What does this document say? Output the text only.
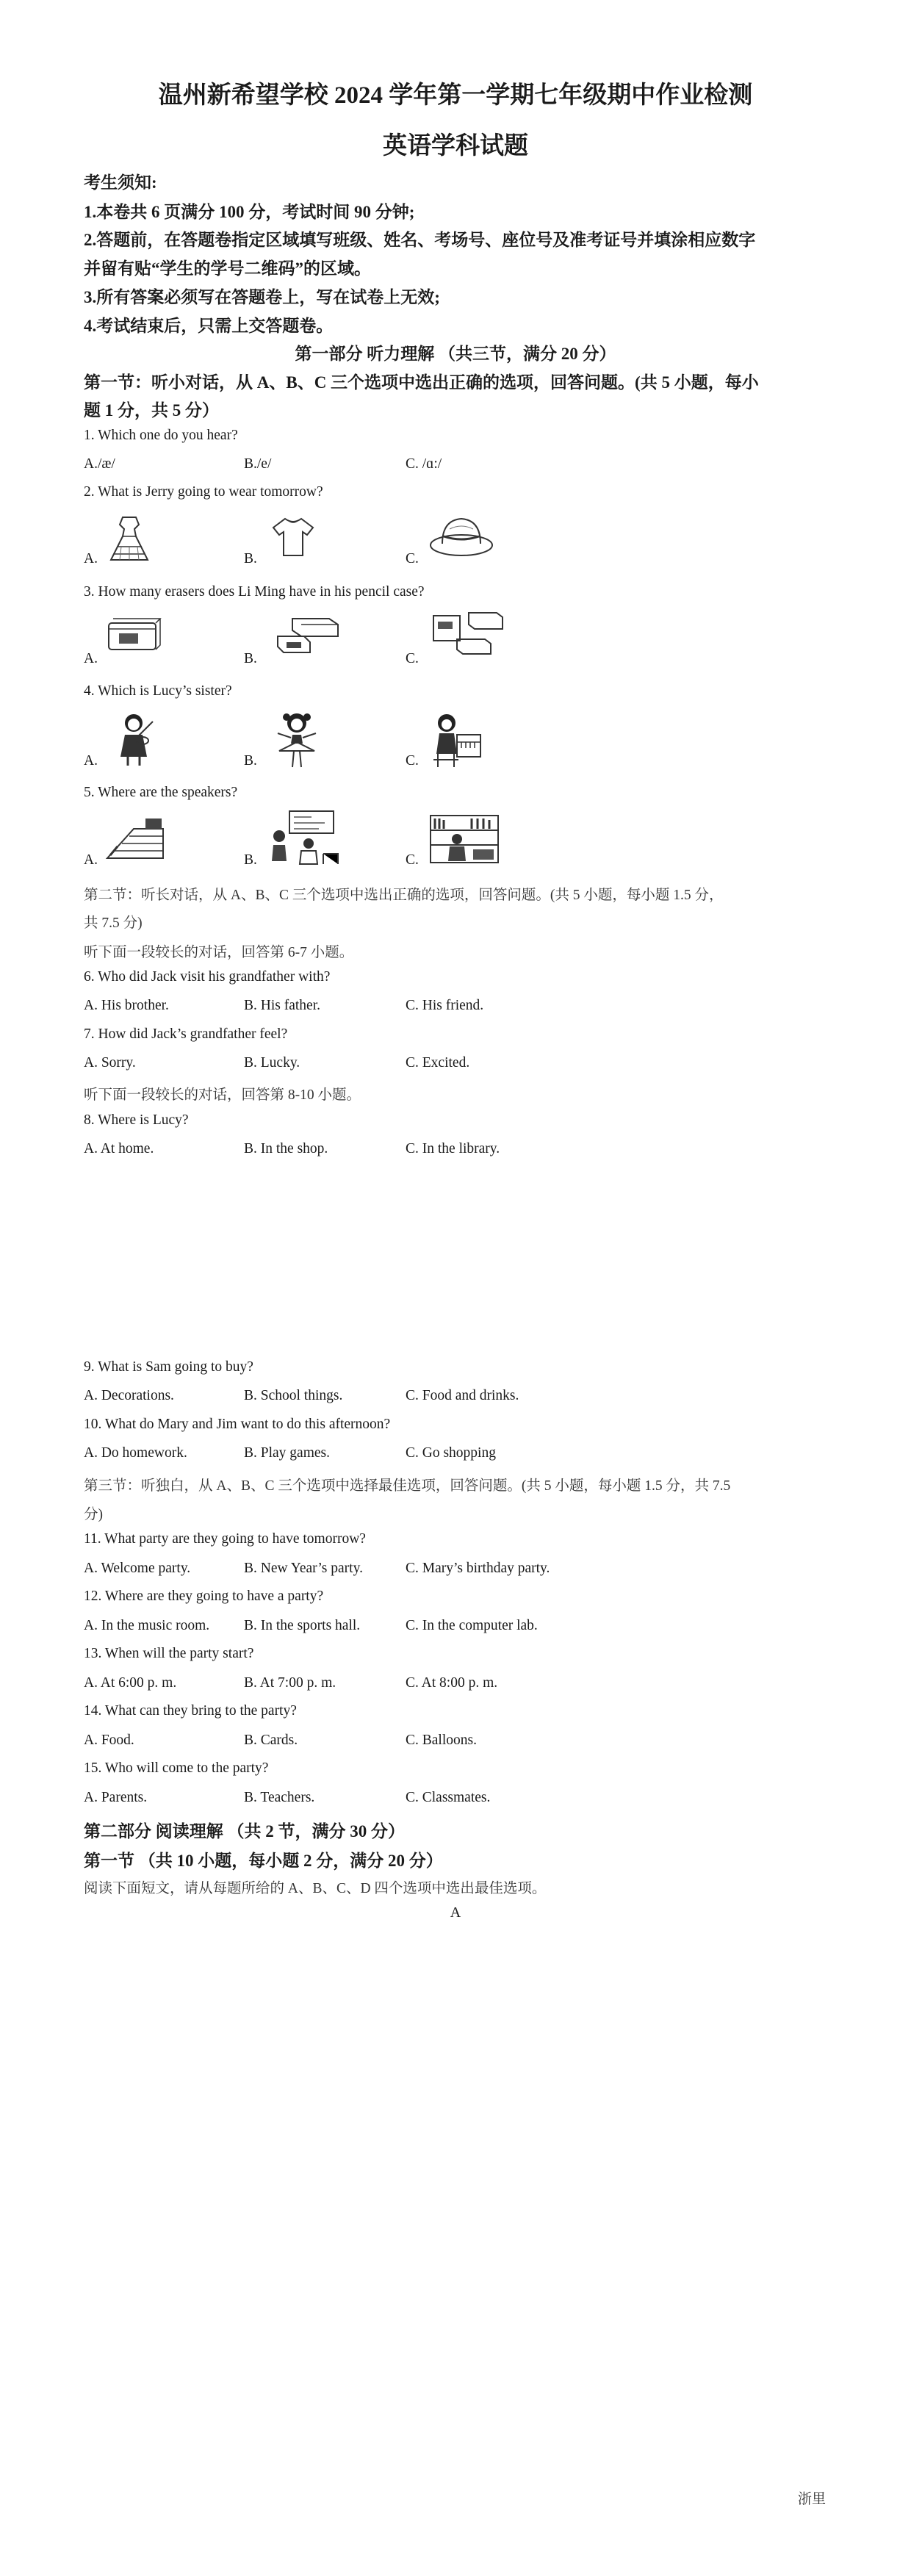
温州新希望学校 2024 学年第一学期七年级期中作业检测
英语学科试题
考生须知:
1.本卷共 6 页满分 100 分，考试时间 90 分钟;
2.答题前，在答题卷指定区域填写班级、姓名、考场号、座位号及准考证号并填涂相应数字
并留有贴“学生的学号二维码”的区域。
3.所有答案必须写在答题卷上，写在试卷上无效;
4.考试结束后，只需上交答题卷。
第一部分 听力理解 （共三节，满分 20 分）
第一节：听小对话，从 A、B、C 三个选项中选出正确的选项，回答问题。(共 5 小题，每小
题 1 分，共 5 分）
1. Which one do you hear?
A./æ/	B./e/	C. /ɑ:/
2. What is Jerry going to wear tomorrow?
A.	B.	C.
3. How many erasers does Li Ming have in his pencil case?
A.	B.	C.
4. Which is Lucy’s sister?
A.	B.	C.
5. Where are the speakers?
A.	B.	C.
第二节：听长对话，从 A、B、C 三个选项中选出正确的选项，回答问题。(共 5 小题，每小题 1.5 分，
共 7.5 分)
听下面一段较长的对话，回答第 6-7 小题。
6. Who did Jack visit his grandfather with?
A. His brother.	B. His father.	C. His friend.
7. How did Jack’s grandfather feel?
A. Sorry.	B. Lucky.	C. Excited.
听下面一段较长的对话，回答第 8-10 小题。
8. Where is Lucy?
A. At home.	B. In the shop.	C. In the library.
9. What is Sam going to buy?
A. Decorations.	B. School things.	C. Food and drinks.
10. What do Mary and Jim want to do this afternoon?
A. Do homework.	B. Play games.	C. Go shopping
第三节：听独白，从 A、B、C 三个选项中选择最佳选项，回答问题。(共 5 小题，每小题 1.5 分，共 7.5
分)
11. What party are they going to have tomorrow?
A. Welcome party.	B. New Year’s party.	C. Mary’s birthday party.
12. Where are they going to have a party?
A. In the music room. B. In the sports hall.	C. In the computer lab.
13. When will the party start?
A. At 6:00 p. m.	B. At 7:00 p. m.	C. At 8:00 p. m.
14. What can they bring to the party?
A. Food.	B. Cards.	C. Balloons.
15. Who will come to the party?
A. Parents.	B. Teachers.	C. Classmates.
第二部分 阅读理解 （共 2 节，满分 30 分）
第一节 （共 10 小题，每小题 2 分，满分 20 分）
阅读下面短文，请从每题所给的 A、B、C、D 四个选项中选出最佳选项。
A
浙里
